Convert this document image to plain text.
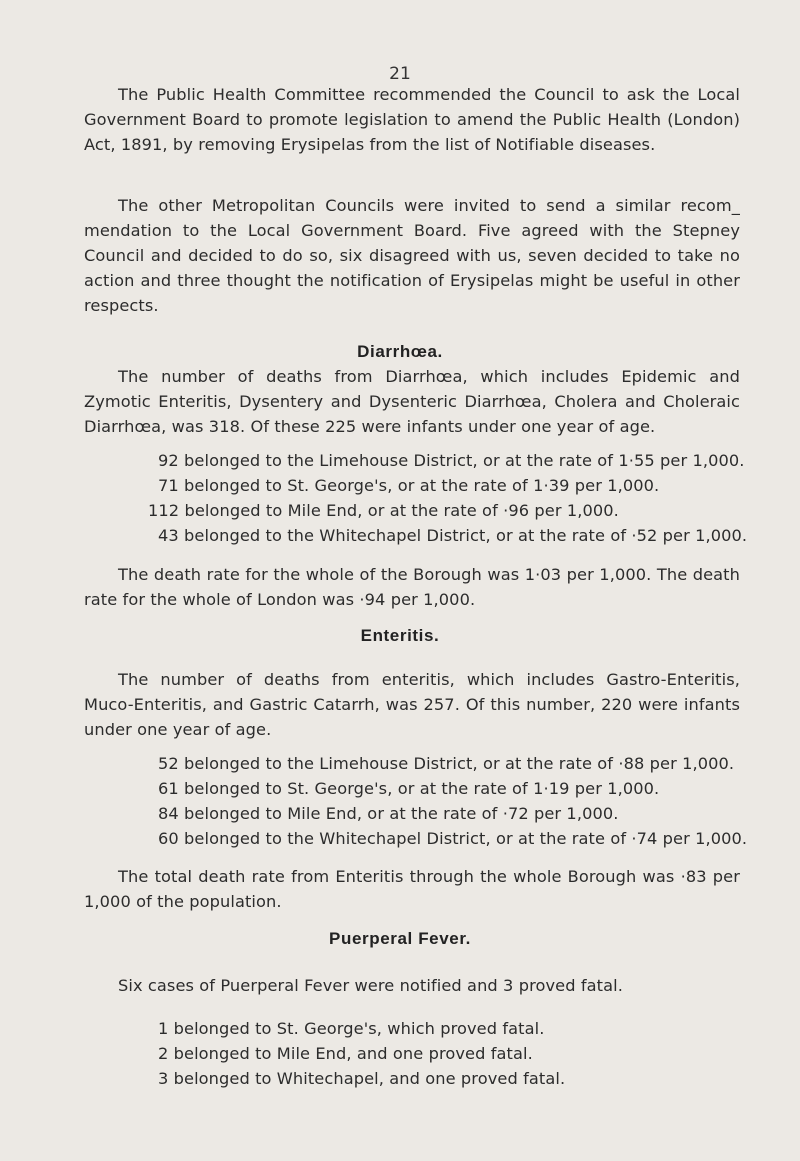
21

The Public Health Committee recommended the Council to ask the Local Government Board to promote legislation to amend the Public Health (London) Act, 1891, by removing Erysipelas from the list of Notifiable diseases.

The other Metropolitan Councils were invited to send a similar recom_ mendation to the Local Government Board. Five agreed with the Stepney Council and decided to do so, six disagreed with us, seven decided to take no action and three thought the notification of Erysipelas might be useful in other respects.

Diarrhœa.

The number of deaths from Diarrhœa, which includes Epidemic and Zymotic Enteritis, Dysentery and Dysenteric Diarrhœa, Cholera and Choleraic Diarrhœa, was 318. Of these 225 were infants under one year of age.

92 belonged to the Limehouse District, or at the rate of 1·55 per 1,000.
71 belonged to St. George's, or at the rate of 1·39 per 1,000.
112 belonged to Mile End, or at the rate of ·96 per 1,000.
43 belonged to the Whitechapel District, or at the rate of ·52 per 1,000.

The death rate for the whole of the Borough was 1·03 per 1,000. The death rate for the whole of London was ·94 per 1,000.

Enteritis.

The number of deaths from enteritis, which includes Gastro-Enteritis, Muco-Enteritis, and Gastric Catarrh, was 257. Of this number, 220 were infants under one year of age.

52 belonged to the Limehouse District, or at the rate of ·88 per 1,000.
61 belonged to St. George's, or at the rate of 1·19 per 1,000.
84 belonged to Mile End, or at the rate of ·72 per 1,000.
60 belonged to the Whitechapel District, or at the rate of ·74 per 1,000.

The total death rate from Enteritis through the whole Borough was ·83 per 1,000 of the population.

Puerperal Fever.

Six cases of Puerperal Fever were notified and 3 proved fatal.

1 belonged to St. George's, which proved fatal.
2 belonged to Mile End, and one proved fatal.
3 belonged to Whitechapel, and one proved fatal.
